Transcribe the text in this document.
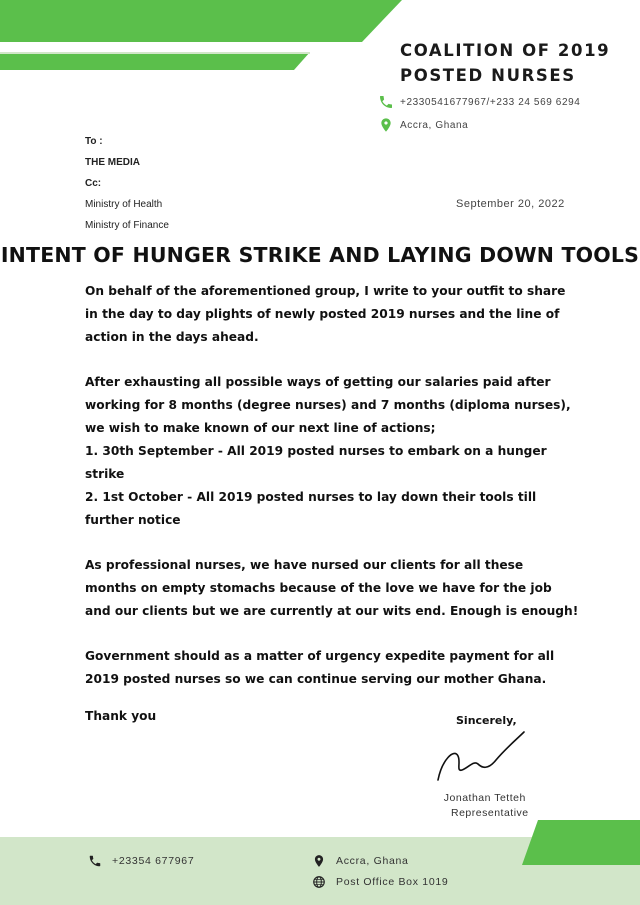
COALITION OF 2019
POSTED NURSES
+2330541677967/+233 24 569 6294
Accra, Ghana
To :
THE MEDIA
Cc:
Ministry of Health
Ministry of Finance
September 20, 2022
INTENT OF HUNGER STRIKE AND LAYING DOWN TOOLS

On behalf of the aforementioned group, I write to your outfit to share
in the day to day plights of newly posted 2019 nurses and the line of
action in the days ahead.

After exhausting all possible ways of getting our salaries paid after
working for 8 months (degree nurses) and 7 months (diploma nurses),
we wish to make known of our next line of actions;
1. 30th September - All 2019 posted nurses to embark on a hunger
strike
2. 1st October - All 2019 posted nurses to lay down their tools till
further notice

As professional nurses, we have nursed our clients for all these
months on empty stomachs because of the love we have for the job
and our clients but we are currently at our wits end. Enough is enough!

Government should as a matter of urgency expedite payment for all
2019 posted nurses so we can continue serving our mother Ghana.

Thank you	Sincerely,
Jonathan Tetteh
Representative
+23354 677967	Accra, Ghana
Post Office Box 1019
